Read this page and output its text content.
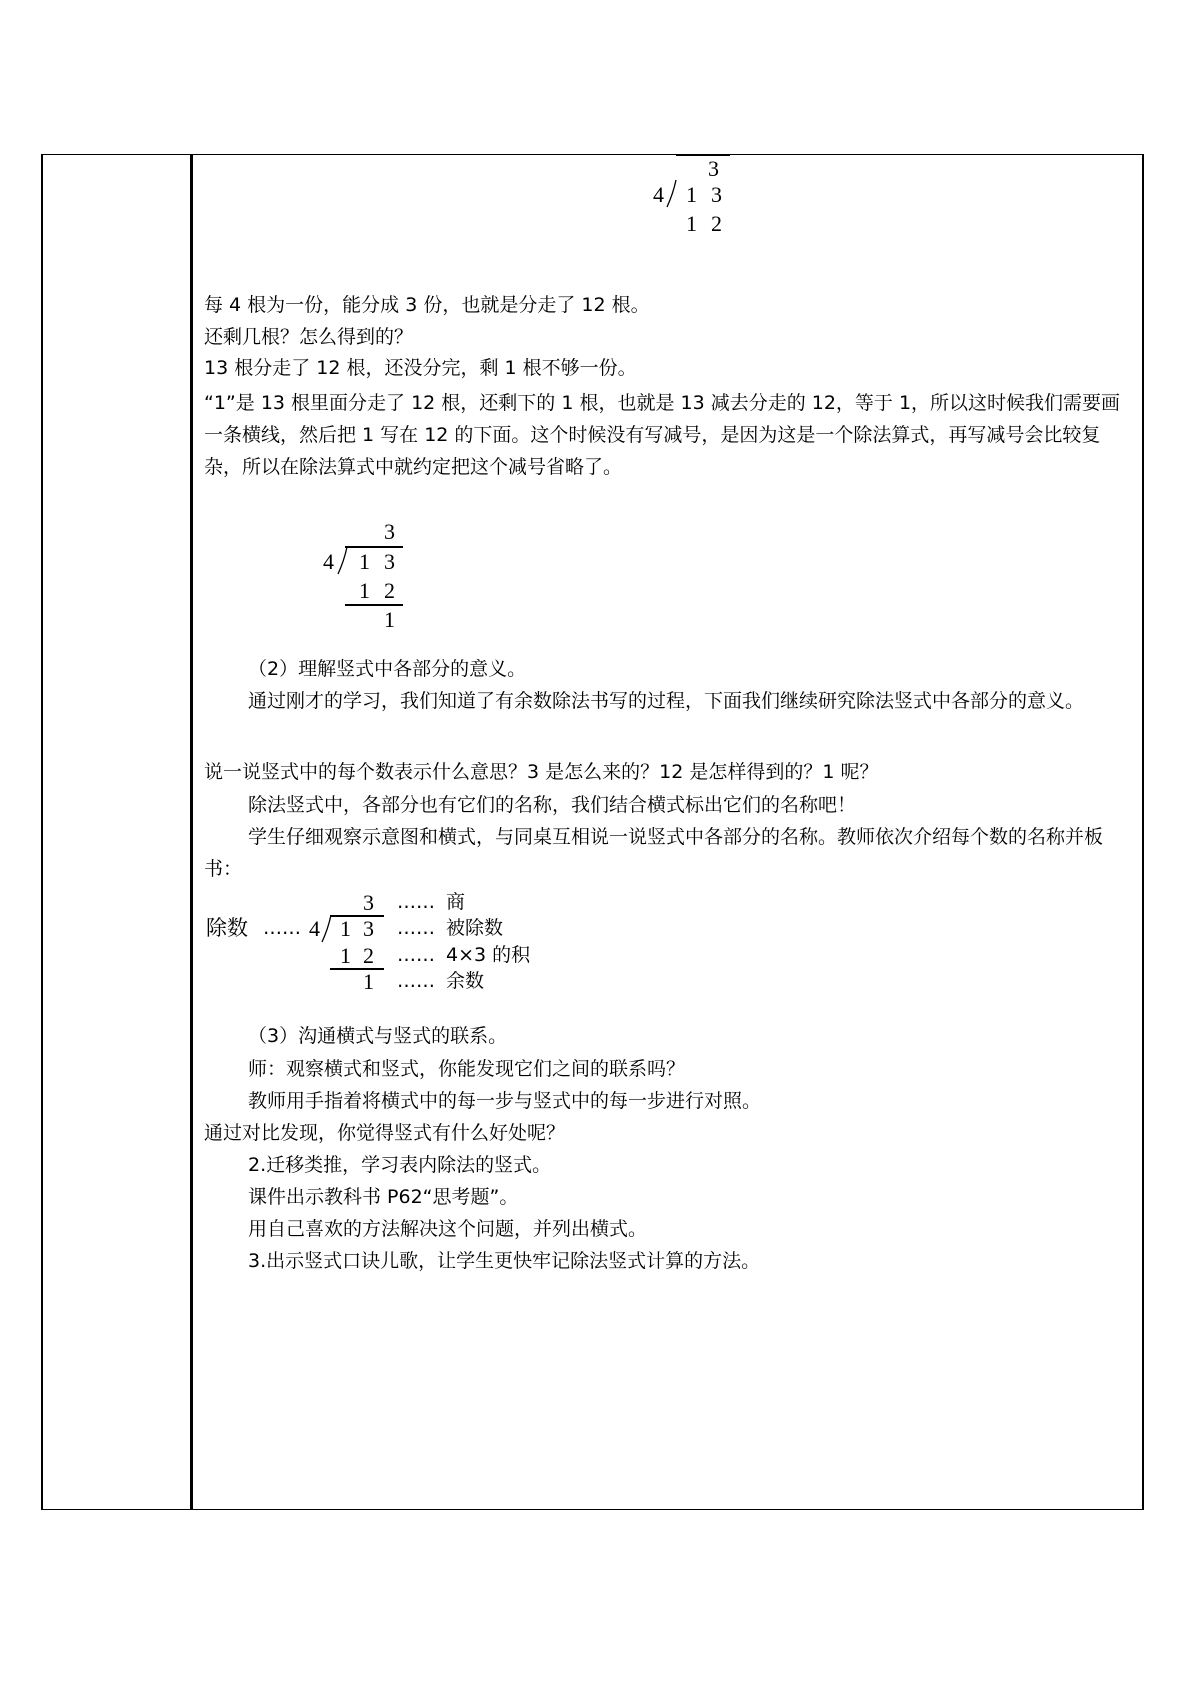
3
4 1 3
1 2
每 4 根为一份，能分成 3 份，也就是分走了 12 根。
还剩几根？怎么得到的？
13 根分走了 12 根，还没分完，剩 1 根不够一份。
“1”是 13 根里面分走了 12 根，还剩下的 1 根，也就是 13 减去分走的 12，等于 1，所以这时候我们需要画一条横线，然后把 1 写在 12 的下面。这个时候没有写减号，是因为这是一个除法算式，再写减号会比较复杂，所以在除法算式中就约定把这个减号省略了。
3
4 1 3
1 2
1
（2）理解竖式中各部分的意义。
通过刚才的学习，我们知道了有余数除法书写的过程，下面我们继续研究除法竖式中各部分的意义。
说一说竖式中的每个数表示什么意思？3 是怎么来的？12 是怎样得到的？1 呢？
除法竖式中，各部分也有它们的名称，我们结合横式标出它们的名称吧！
学生仔细观察示意图和横式，与同桌互相说一说竖式中各部分的名称。教师依次介绍每个数的名称并板书：
3 …… 商
除数 …… 4 1 3 …… 被除数
1 2 …… 4×3 的积
1 …… 余数
（3）沟通横式与竖式的联系。
师：观察横式和竖式，你能发现它们之间的联系吗？
教师用手指着将横式中的每一步与竖式中的每一步进行对照。
通过对比发现，你觉得竖式有什么好处呢？
2.迁移类推，学习表内除法的竖式。
课件出示教科书 P62“思考题”。
用自己喜欢的方法解决这个问题，并列出横式。
3.出示竖式口诀儿歌，让学生更快牢记除法竖式计算的方法。
